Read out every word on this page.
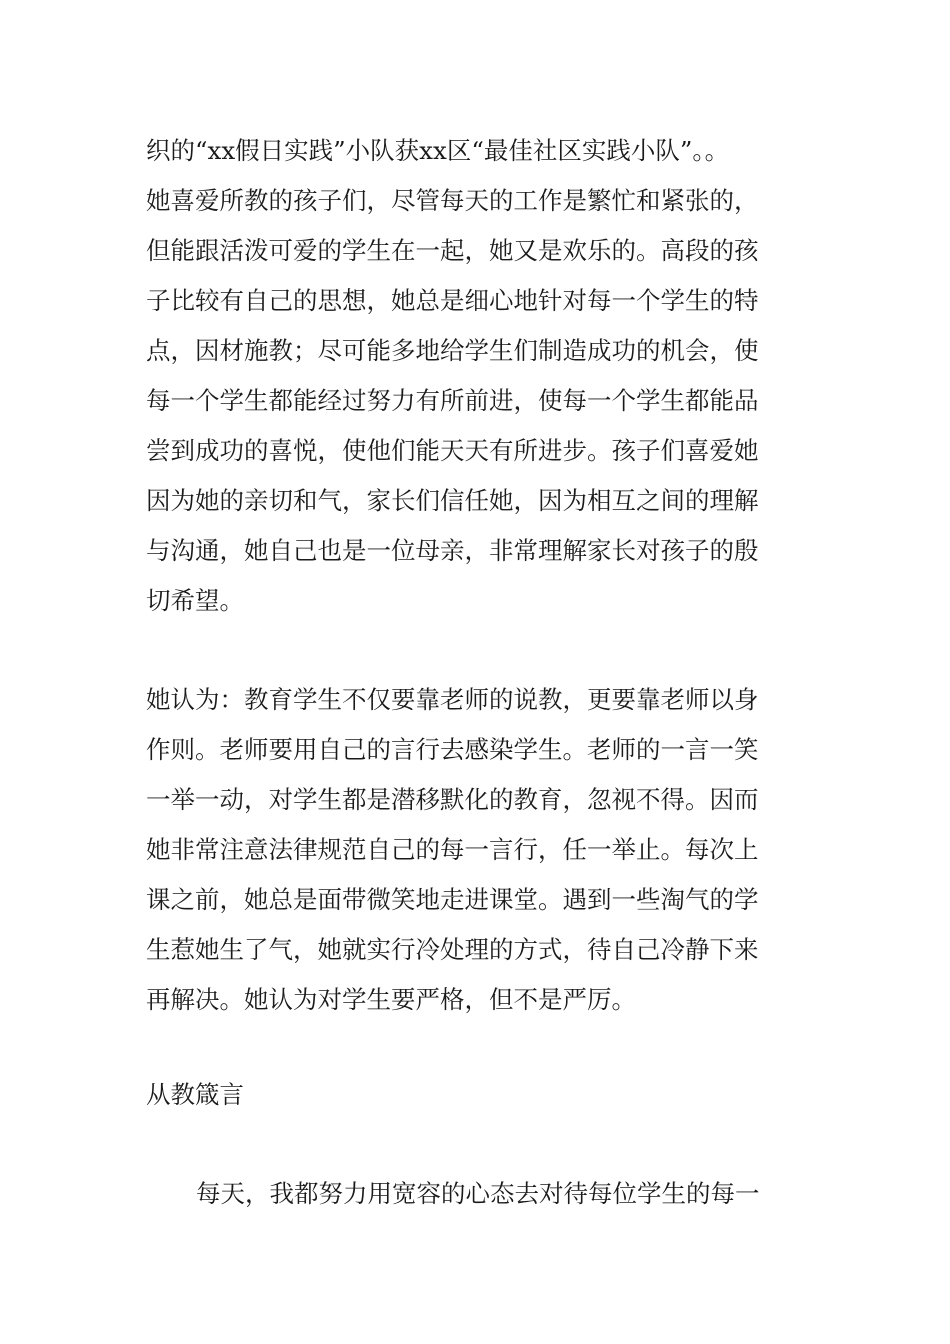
织的“xx假日实践”小队获xx区“最佳社区实践小队”。。

她喜爱所教的孩子们，尽管每天的工作是繁忙和紧张的，

但能跟活泼可爱的学生在一起，她又是欢乐的。高段的孩

子比较有自己的思想，她总是细心地针对每一个学生的特

点，因材施教；尽可能多地给学生们制造成功的机会，使

每一个学生都能经过努力有所前进，使每一个学生都能品

尝到成功的喜悦，使他们能天天有所进步。孩子们喜爱她

因为她的亲切和气，家长们信任她，因为相互之间的理解

与沟通，她自己也是一位母亲，非常理解家长对孩子的殷

切希望。

她认为：教育学生不仅要靠老师的说教，更要靠老师以身

作则。老师要用自己的言行去感染学生。老师的一言一笑

一举一动，对学生都是潜移默化的教育，忽视不得。因而

她非常注意法律规范自己的每一言行，任一举止。每次上

课之前，她总是面带微笑地走进课堂。遇到一些淘气的学

生惹她生了气，她就实行冷处理的方式，待自己冷静下来

再解决。她认为对学生要严格，但不是严厉。

从教箴言

每天，我都努力用宽容的心态去对待每位学生的每一
